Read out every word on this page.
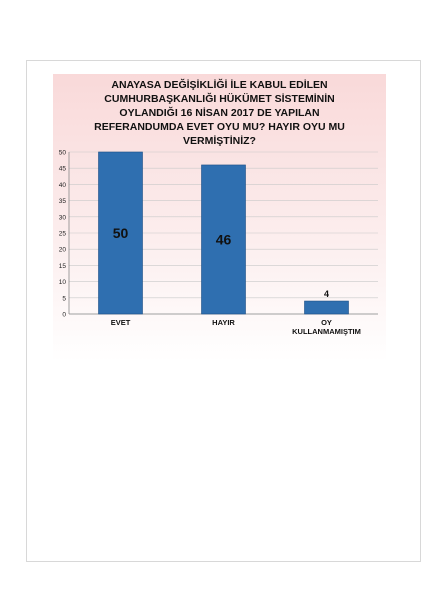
ANAYASA DEĞİŞİKLİĞİ İLE KABUL EDİLEN
CUMHURBAŞKANLIĞI HÜKÜMET SİSTEMİNİN
OYLANDIĞI 16 NİSAN 2017 DE YAPILAN
REFERANDUMDA EVET OYU MU? HAYIR OYU MU
VERMİŞTİNİZ?
0
5
10
15
20
25
30
35
40
45
50
50
EVET
46
HAYIR
4
OY
KULLANMAMIŞTIM
